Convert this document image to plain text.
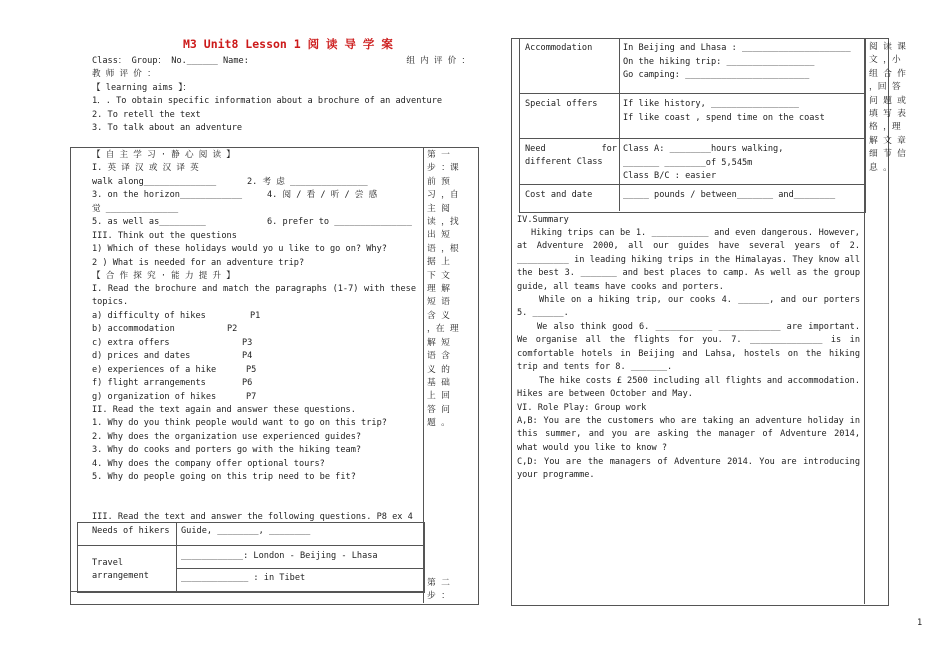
M3 Unit8 Lesson 1 阅 读 导 学 案
Class： Group： No.______ Name:	组 内 评 价 ：
教 师 评 价 ：
【 learning aims 】：
1．. To obtain specific information about a brochure of an adventure
2. To retell the text
3. To talk about an adventure
【 自 主 学 习 · 静 心 阅 读 】
I. 英 译 汉 或 汉 译 英
walk along______________	2. 考 虑 _______________
3. on the horizon____________	4. 阅 / 看 / 听 / 尝 感
觉 ______________
5. as well as_________	6. prefer to _______________
III. Think out the questions
1) Which of these holidays would yo u like to go on? Why?
2 ) What is needed for an adventure trip?
【 合 作 探 究 · 能 力 提 升 】
I. Read the brochure and match the paragraphs (1-7) with these topics.
a) difficulty of hikes	P1
b) accommodation	P2
c) extra offers	P3
d) prices and dates	P4
e) experiences of a hike	P5
f) flight arrangements	P6
g) organization of hikes	P7
II. Read the text again and answer these questions.
1. Why do you think people would want to go on this trip?
2. Why does the organization use experienced guides?
3. Why do cooks and porters go with the hiking team?
4. Why does the company offer optional tours?
5. Why do people going on this trip need to be fit?
III. Read the text and answer the following questions. P8 ex 4
Needs of hikers Guide, ________, ________
Travel arrangement
____________: London - Beijing - Lhasa
_____________ : in Tibet
第 一 步 ：课 前 预 习 ，自 主 阅 读 ，找 出 短 语 ，根 据 上 下 文 理 解 短 语 含 义 ，在 理 解 短 语 含 义 的 基 础 上 回 答 问 题 。
第 二 步 ：
Accommodation	In Beijing and Lhasa : _____________________
On the hiking trip: _________________
Go camping: ________________________
Special offers	If like history, _________________
If like coast , spend time on the coast
Need for different Class
Class A: ________hours walking,
_______ ________of 5,545m
Class B/C : easier
Cost and date	_____ pounds / between_______ and________
IV.Summary
Hiking trips can be 1. ___________ and even dangerous. However, at Adventure 2000, all our guides have several years of 2. __________ in leading hiking trips in the Himalayas. They know all the best 3. _______ and best places to camp. As well as the group guide, all teams have cooks and porters.
While on a hiking trip, our cooks 4. ______, and our porters 5. ______.
We also think good 6. ___________ ____________ are important. We organise all the flights for you. 7. ______________ is in comfortable hotels in Beijing and Lahsa, hostels on the hiking trip and tents for 8. _______.
The hike costs £ 2500 including all flights and accommodation. Hikes are between October and May.
VI. Role Play: Group work
A,B: You are the customers who are taking an adventure holiday in this summer, and you are asking the manager of Adventure 2014, what would you like to know ?
C,D: You are the managers of Adventure 2014. You are introducing your programme.
阅 读 课 文 ，小 组 合 作 ，回 答 问 题 或 填 写 表 格 ，理 解 文 章 细 节 信 息 。
1
